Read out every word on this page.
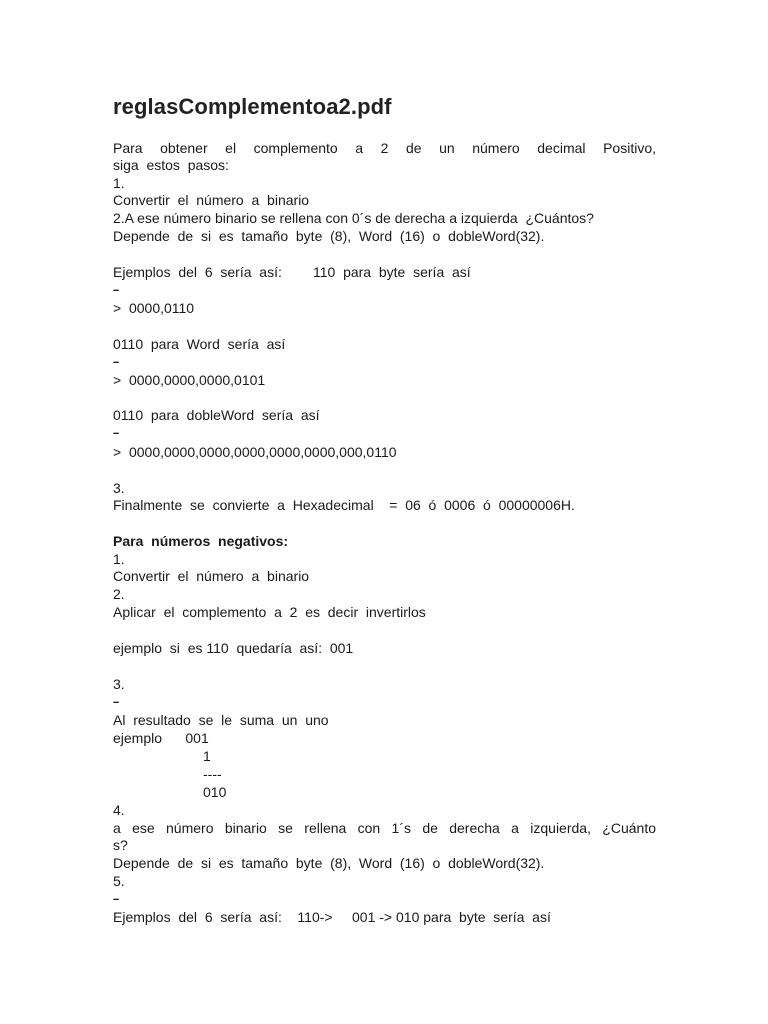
reglasComplementoa2.pdf
Para obtener el complemento a 2 de un número decimal Positivo,
siga  estos  pasos:
1.
Convertir  el  número  a  binario
2.A ese número binario se rellena con 0´s de derecha a izquierda  ¿Cuántos?
Depende  de  si  es  tamaño  byte  (8),  Word  (16)  o  dobleWord(32).
Ejemplos  del  6  sería  así:        110  para  byte  sería  así
--
>  0000,0110
0110  para  Word  sería  así
--
>  0000,0000,0000,0101
0110  para  dobleWord  sería  así
--
>  0000,0000,0000,0000,0000,0000,000,0110
3.
Finalmente  se  convierte  a  Hexadecimal    =  06  ó  0006  ó  00000006H.
Para  números  negativos:
1.
Convertir  el  número  a  binario
2.
Aplicar  el  complemento  a  2  es  decir  invertirlos
ejemplo  si  es 110  quedaría  así:  001
3.
--
Al  resultado  se  le  suma  un  uno
ejemplo      001
1
----
010
4.
a ese número binario se rellena con 1´s de derecha a izquierda, ¿Cuánto
s?
Depende  de  si  es  tamaño  byte  (8),  Word  (16)  o  dobleWord(32).
5.
--
Ejemplos  del  6  sería  así:    110->     001 -> 010 para  byte  sería  así
